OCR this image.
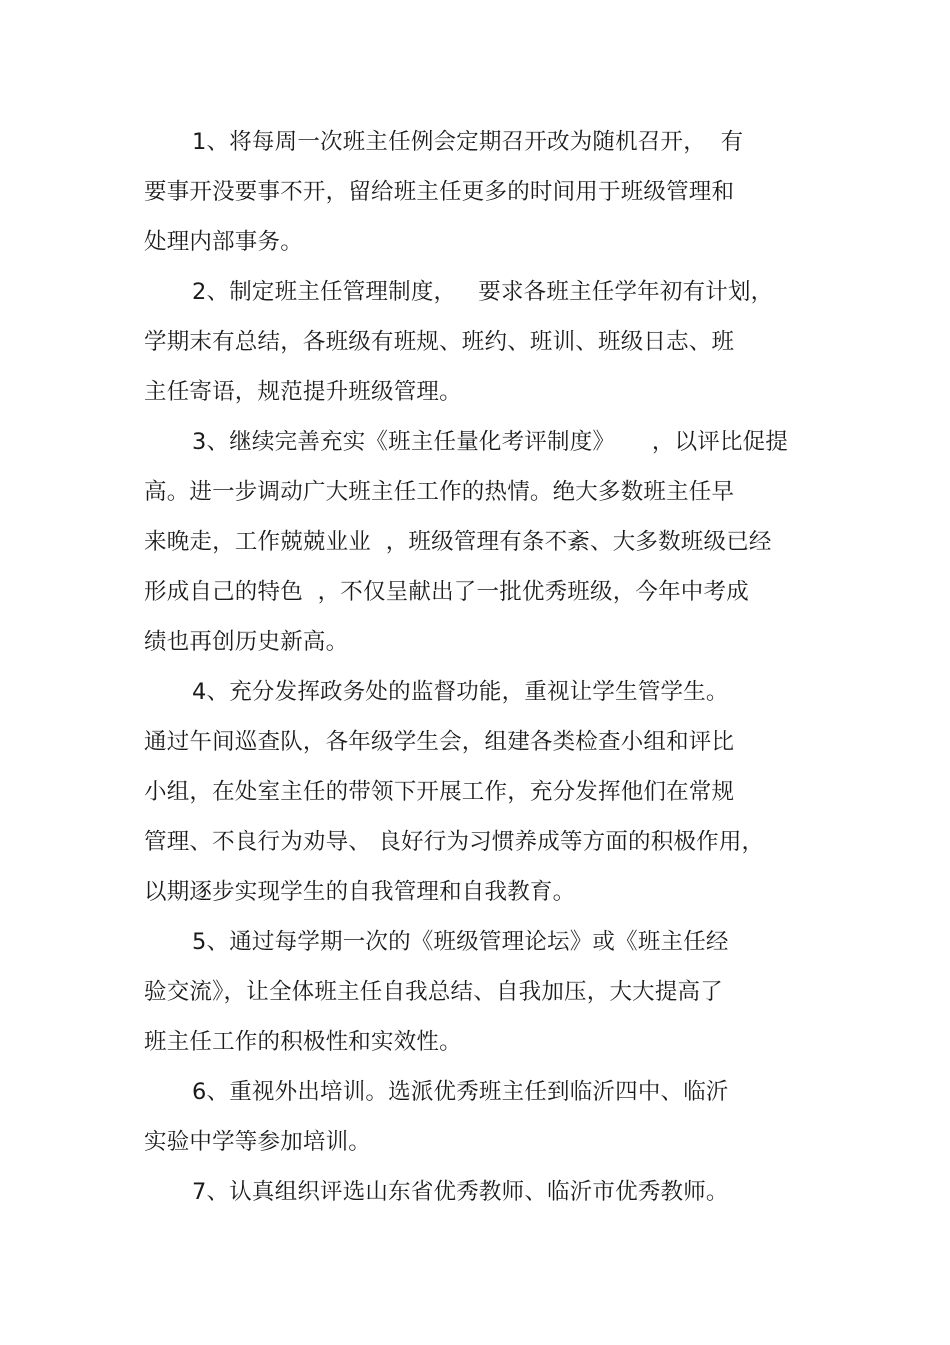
1、将每周一次班主任例会定期召开改为随机召开，  有
要事开没要事不开，留给班主任更多的时间用于班级管理和
处理内部事务。
2、制定班主任管理制度，   要求各班主任学年初有计划，
学期末有总结，各班级有班规、班约、班训、班级日志、班
主任寄语，规范提升班级管理。
3、继续完善充实《班主任量化考评制度》     ，以评比促提
高。进一步调动广大班主任工作的热情。绝大多数班主任早
来晚走，工作兢兢业业  ，班级管理有条不紊、大多数班级已经
形成自己的特色  ，不仅呈献出了一批优秀班级，今年中考成
绩也再创历史新高。
4、充分发挥政务处的监督功能，重视让学生管学生。
通过午间巡查队，各年级学生会，组建各类检查小组和评比
小组，在处室主任的带领下开展工作，充分发挥他们在常规
管理、不良行为劝导、 良好行为习惯养成等方面的积极作用，
以期逐步实现学生的自我管理和自我教育。
5、通过每学期一次的《班级管理论坛》或《班主任经
验交流》，让全体班主任自我总结、自我加压，大大提高了
班主任工作的积极性和实效性。
6、重视外出培训。选派优秀班主任到临沂四中、临沂
实验中学等参加培训。
7、认真组织评选山东省优秀教师、临沂市优秀教师。
